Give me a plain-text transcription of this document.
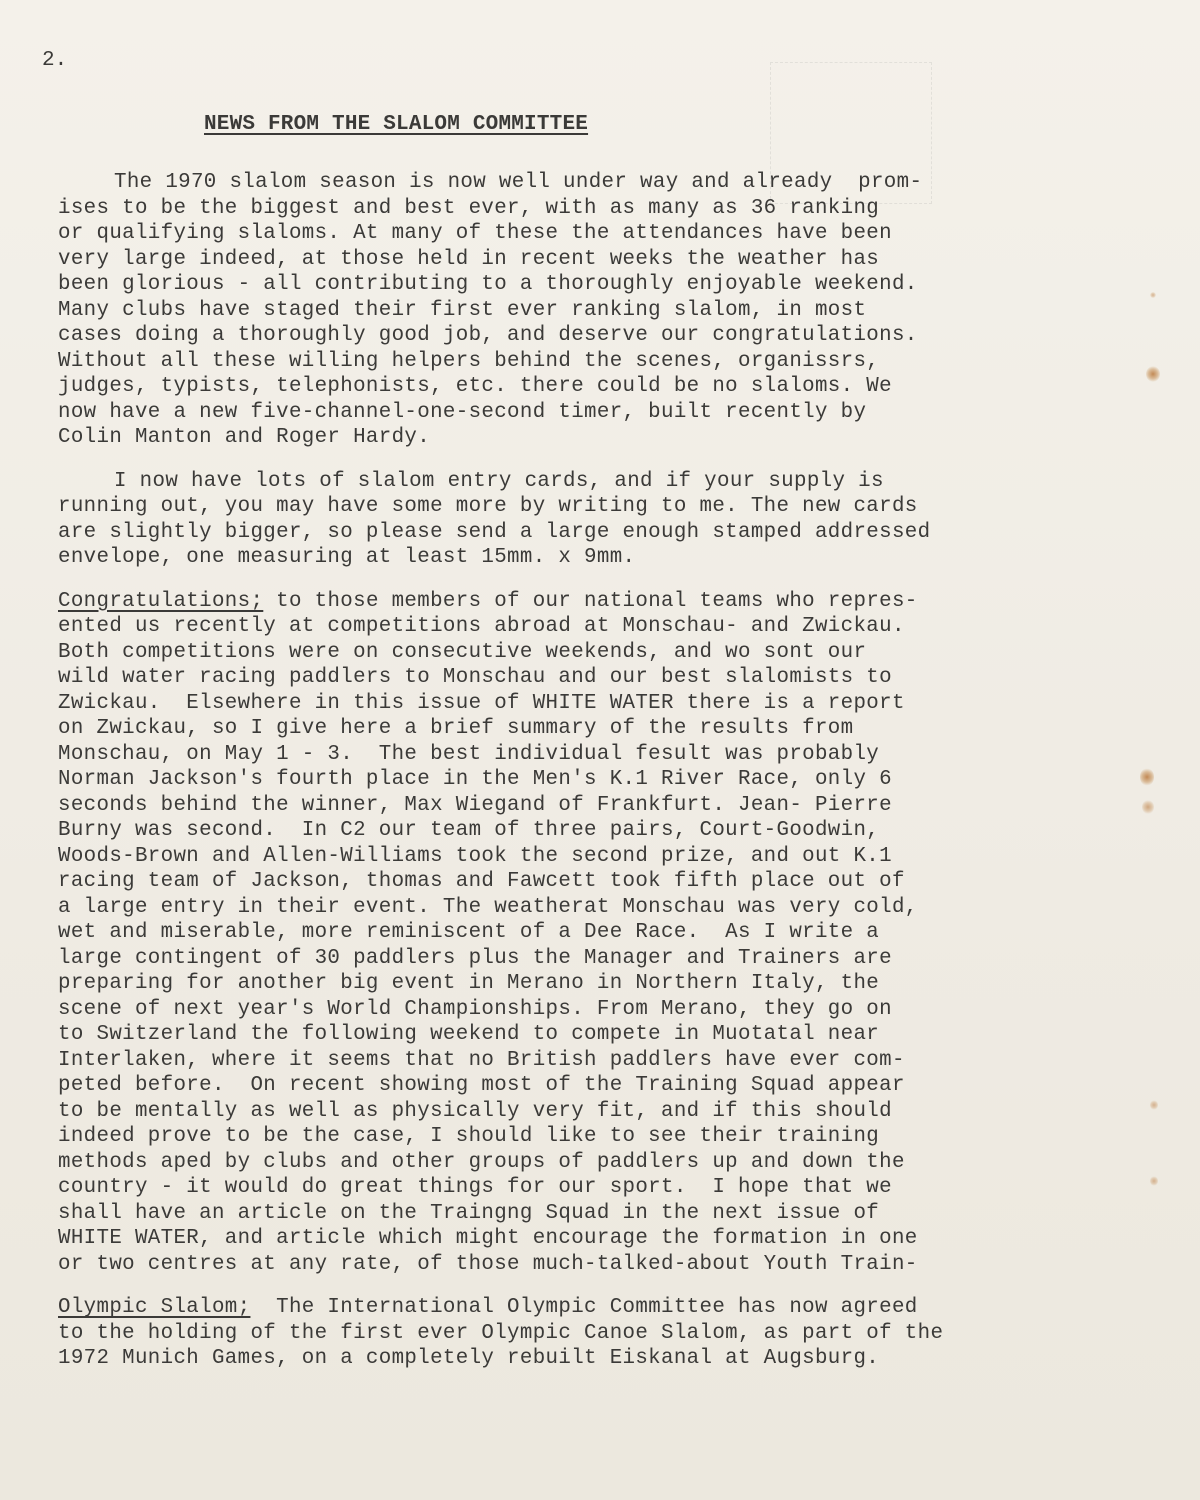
2.

NEWS FROM THE SLALOM COMMITTEE
The 1970 slalom season is now well under way and already  prom-
ises to be the biggest and best ever, with as many as 36 ranking
or qualifying slaloms. At many of these the attendances have been
very large indeed, at those held in recent weeks the weather has
been glorious - all contributing to a thoroughly enjoyable weekend.
Many clubs have staged their first ever ranking slalom, in most
cases doing a thoroughly good job, and deserve our congratulations.
Without all these willing helpers behind the scenes, organissrs,
judges, typists, telephonists, etc. there could be no slaloms. We
now have a new five-channel-one-second timer, built recently by
Colin Manton and Roger Hardy.
I now have lots of slalom entry cards, and if your supply is
running out, you may have some more by writing to me. The new cards
are slightly bigger, so please send a large enough stamped addressed
envelope, one measuring at least 15mm. x 9mm.
Congratulations; to those members of our national teams who repres-
ented us recently at competitions abroad at Monschau- and Zwickau.
Both competitions were on consecutive weekends, and wo sont our
wild water racing paddlers to Monschau and our best slalomists to
Zwickau.  Elsewhere in this issue of WHITE WATER there is a report
on Zwickau, so I give here a brief summary of the results from
Monschau, on May 1 - 3.  The best individual fesult was probably
Norman Jackson's fourth place in the Men's K.1 River Race, only 6
seconds behind the winner, Max Wiegand of Frankfurt. Jean- Pierre
Burny was second.  In C2 our team of three pairs, Court-Goodwin,
Woods-Brown and Allen-Williams took the second prize, and out K.1
racing team of Jackson, thomas and Fawcett took fifth place out of
a large entry in their event. The weatherat Monschau was very cold,
wet and miserable, more reminiscent of a Dee Race.  As I write a
large contingent of 30 paddlers plus the Manager and Trainers are
preparing for another big event in Merano in Northern Italy, the
scene of next year's World Championships. From Merano, they go on
to Switzerland the following weekend to compete in Muotatal near
Interlaken, where it seems that no British paddlers have ever com-
peted before.  On recent showing most of the Training Squad appear
to be mentally as well as physically very fit, and if this should
indeed prove to be the case, I should like to see their training
methods aped by clubs and other groups of paddlers up and down the
country - it would do great things for our sport.  I hope that we
shall have an article on the Traingng Squad in the next issue of
WHITE WATER, and article which might encourage the formation in one
or two centres at any rate, of those much-talked-about Youth Train-
Olympic Slalom;  The International Olympic Committee has now agreed
to the holding of the first ever Olympic Canoe Slalom, as part of the
1972 Munich Games, on a completely rebuilt Eiskanal at Augsburg.
